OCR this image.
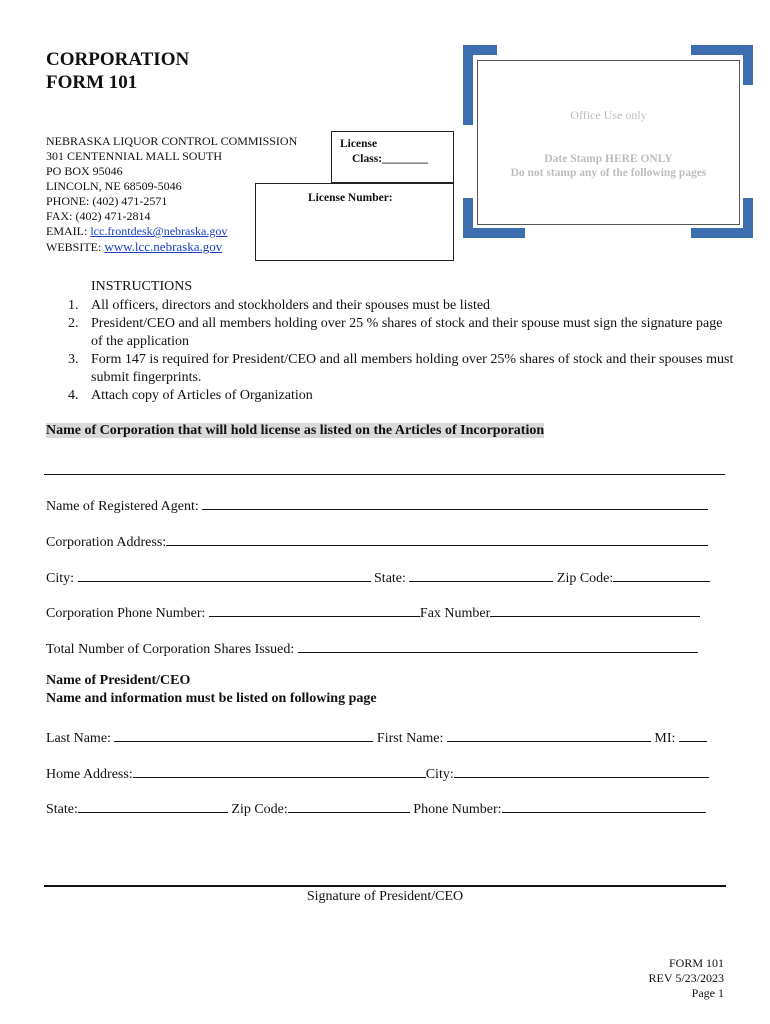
CORPORATION
FORM 101
NEBRASKA LIQUOR CONTROL COMMISSION
301 CENTENNIAL MALL SOUTH
PO BOX 95046
LINCOLN, NE 68509-5046
PHONE: (402) 471-2571
FAX: (402) 471-2814
EMAIL: lcc.frontdesk@nebraska.gov
WEBSITE: www.lcc.nebraska.gov
License
Class:________
License Number:
Office Use only
Date Stamp HERE ONLY
Do not stamp any of the following pages
INSTRUCTIONS
1. All officers, directors and stockholders and their spouses must be listed
2. President/CEO and all members holding over 25 % shares of stock and their spouse must sign the signature page of the application
3. Form 147 is required for President/CEO and all members holding over 25% shares of stock and their spouses must submit fingerprints.
4. Attach copy of Articles of Organization
Name of Corporation that will hold license as listed on the Articles of Incorporation
Name of Registered Agent:
Corporation Address:
City:	State:	Zip Code:
Corporation Phone Number:	Fax Number
Total Number of Corporation Shares Issued:
Name of President/CEO
Name and information must be listed on following page
Last Name:	First Name:	MI:
Home Address:	City:
State:	Zip Code:	Phone Number:
Signature of President/CEO
FORM 101
REV 5/23/2023
Page 1
